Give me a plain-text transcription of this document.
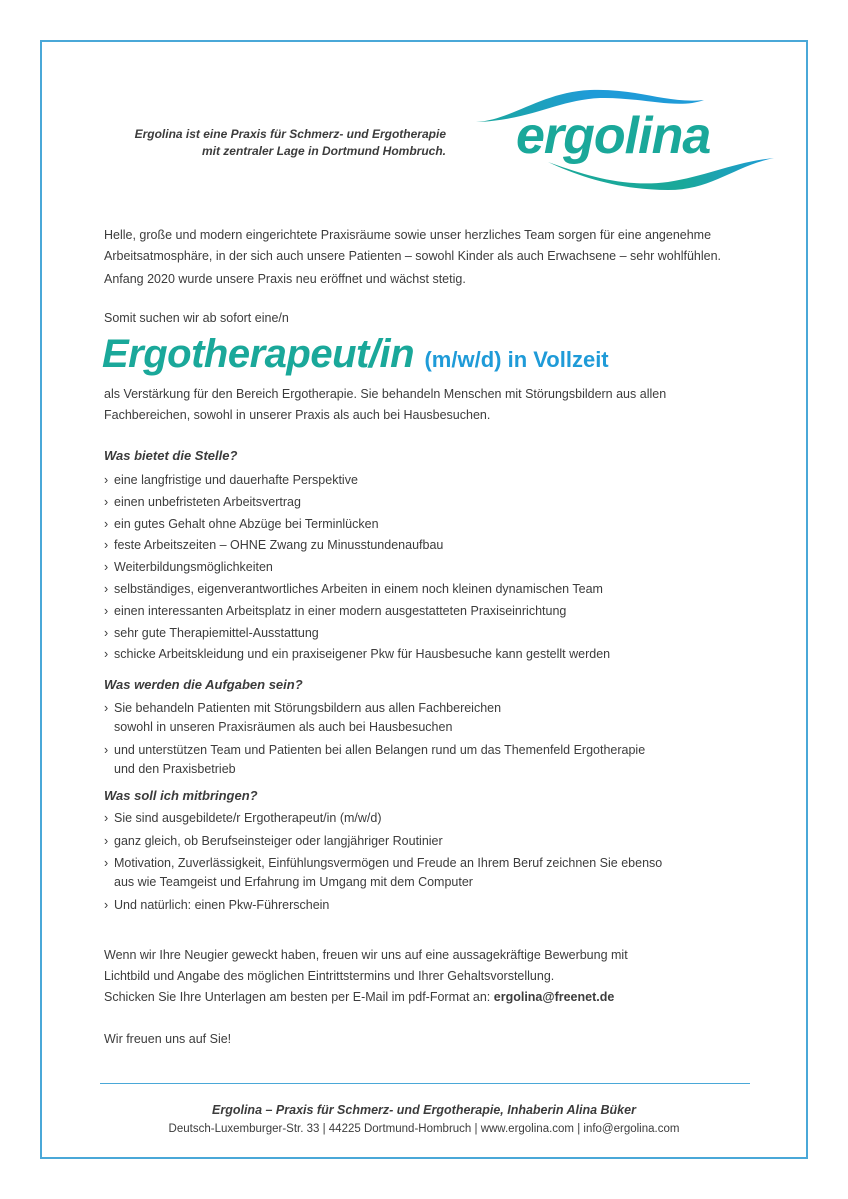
Ergolina ist eine Praxis für Schmerz- und Ergotherapie
mit zentraler Lage in Dortmund Hombruch. ergolina
Helle, große und modern eingerichtete Praxisräume sowie unser herzliches Team sorgen für eine angenehme
Arbeitsatmosphäre, in der sich auch unsere Patienten – sowohl Kinder als auch Erwachsene – sehr wohlfühlen.
Anfang 2020 wurde unsere Praxis neu eröffnet und wächst stetig.
Somit suchen wir ab sofort eine/n
Ergotherapeut/in (m/w/d) in Vollzeit
als Verstärkung für den Bereich Ergotherapie. Sie behandeln Menschen mit Störungsbildern aus allen
Fachbereichen, sowohl in unserer Praxis als auch bei Hausbesuchen.
Was bietet die Stelle?
› eine langfristige und dauerhafte Perspektive
› einen unbefristeten Arbeitsvertrag
› ein gutes Gehalt ohne Abzüge bei Terminlücken
› feste Arbeitszeiten – OHNE Zwang zu Minusstundenaufbau
› Weiterbildungsmöglichkeiten
› selbständiges, eigenverantwortliches Arbeiten in einem noch kleinen dynamischen Team
› einen interessanten Arbeitsplatz in einer modern ausgestatteten Praxiseinrichtung
› sehr gute Therapiemittel-Ausstattung
› schicke Arbeitskleidung und ein praxiseigener Pkw für Hausbesuche kann gestellt werden
Was werden die Aufgaben sein?
› Sie behandeln Patienten mit Störungsbildern aus allen Fachbereichen
sowohl in unseren Praxisräumen als auch bei Hausbesuchen
› und unterstützen Team und Patienten bei allen Belangen rund um das Themenfeld Ergotherapie
und den Praxisbetrieb
Was soll ich mitbringen?
› Sie sind ausgebildete/r Ergotherapeut/in (m/w/d)
› ganz gleich, ob Berufseinsteiger oder langjähriger Routinier
› Motivation, Zuverlässigkeit, Einfühlungsvermögen und Freude an Ihrem Beruf zeichnen Sie ebenso
aus wie Teamgeist und Erfahrung im Umgang mit dem Computer
› Und natürlich: einen Pkw-Führerschein
Wenn wir Ihre Neugier geweckt haben, freuen wir uns auf eine aussagekräftige Bewerbung mit
Lichtbild und Angabe des möglichen Eintrittstermins und Ihrer Gehaltsvorstellung.
Schicken Sie Ihre Unterlagen am besten per E-Mail im pdf-Format an: ergolina@freenet.de
Wir freuen uns auf Sie!
Ergolina – Praxis für Schmerz- und Ergotherapie, Inhaberin Alina Büker
Deutsch-Luxemburger-Str. 33 | 44225 Dortmund-Hombruch | www.ergolina.com | info@ergolina.com
